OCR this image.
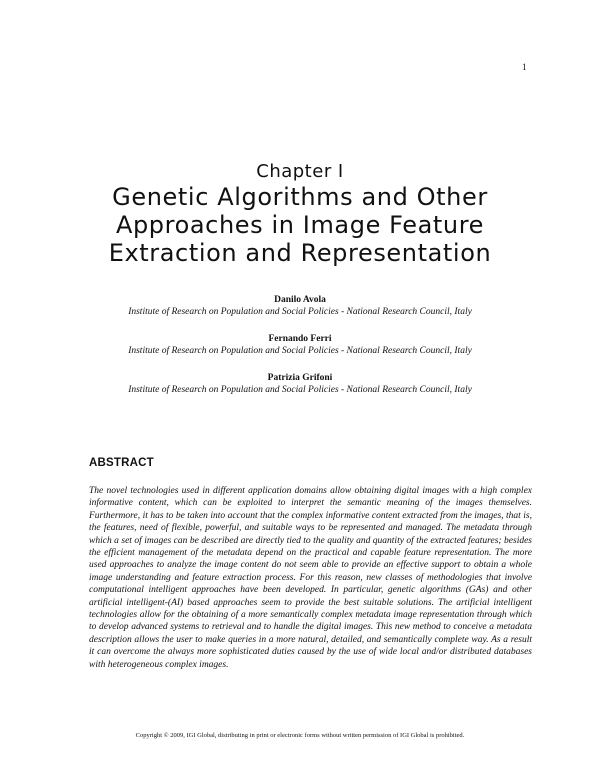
1
Chapter I
Genetic Algorithms and Other
Approaches in Image Feature
Extraction and Representation
Danilo Avola
Institute of Research on Population and Social Policies - National Research Council, Italy
Fernando Ferri
Institute of Research on Population and Social Policies - National Research Council, Italy
Patrizia Grifoni
Institute of Research on Population and Social Policies - National Research Council, Italy
ABSTRACT

The novel technologies used in different application domains allow obtaining digital images with a high complex informative content, which can be exploited to interpret the semantic meaning of the images themselves. Furthermore, it has to be taken into account that the complex informative content extracted from the images, that is, the features, need of flexible, powerful, and suitable ways to be represented and managed. The metadata through which a set of images can be described are directly tied to the quality and quantity of the extracted features; besides the efficient management of the metadata depend on the practical and capable feature representation. The more used approaches to analyze the image content do not seem able to provide an effective support to obtain a whole image understanding and feature extraction process. For this reason, new classes of methodologies that involve computational intelligent approaches have been developed. In particular, genetic algorithms (GAs) and other artificial intelligent-(AI) based approaches seem to provide the best suitable solutions. The artificial intelligent technologies allow for the obtaining of a more semantically complex metadata image representation through which to develop advanced systems to retrieval and to handle the digital images. This new method to conceive a metadata description allows the user to make queries in a more natural, detailed, and semantically complete way. As a result it can overcome the always more sophisticated duties caused by the use of wide local and/or distributed databases with heterogeneous complex images.

Copyright © 2009, IGI Global, distributing in print or electronic forms without written permission of IGI Global is prohibited.
